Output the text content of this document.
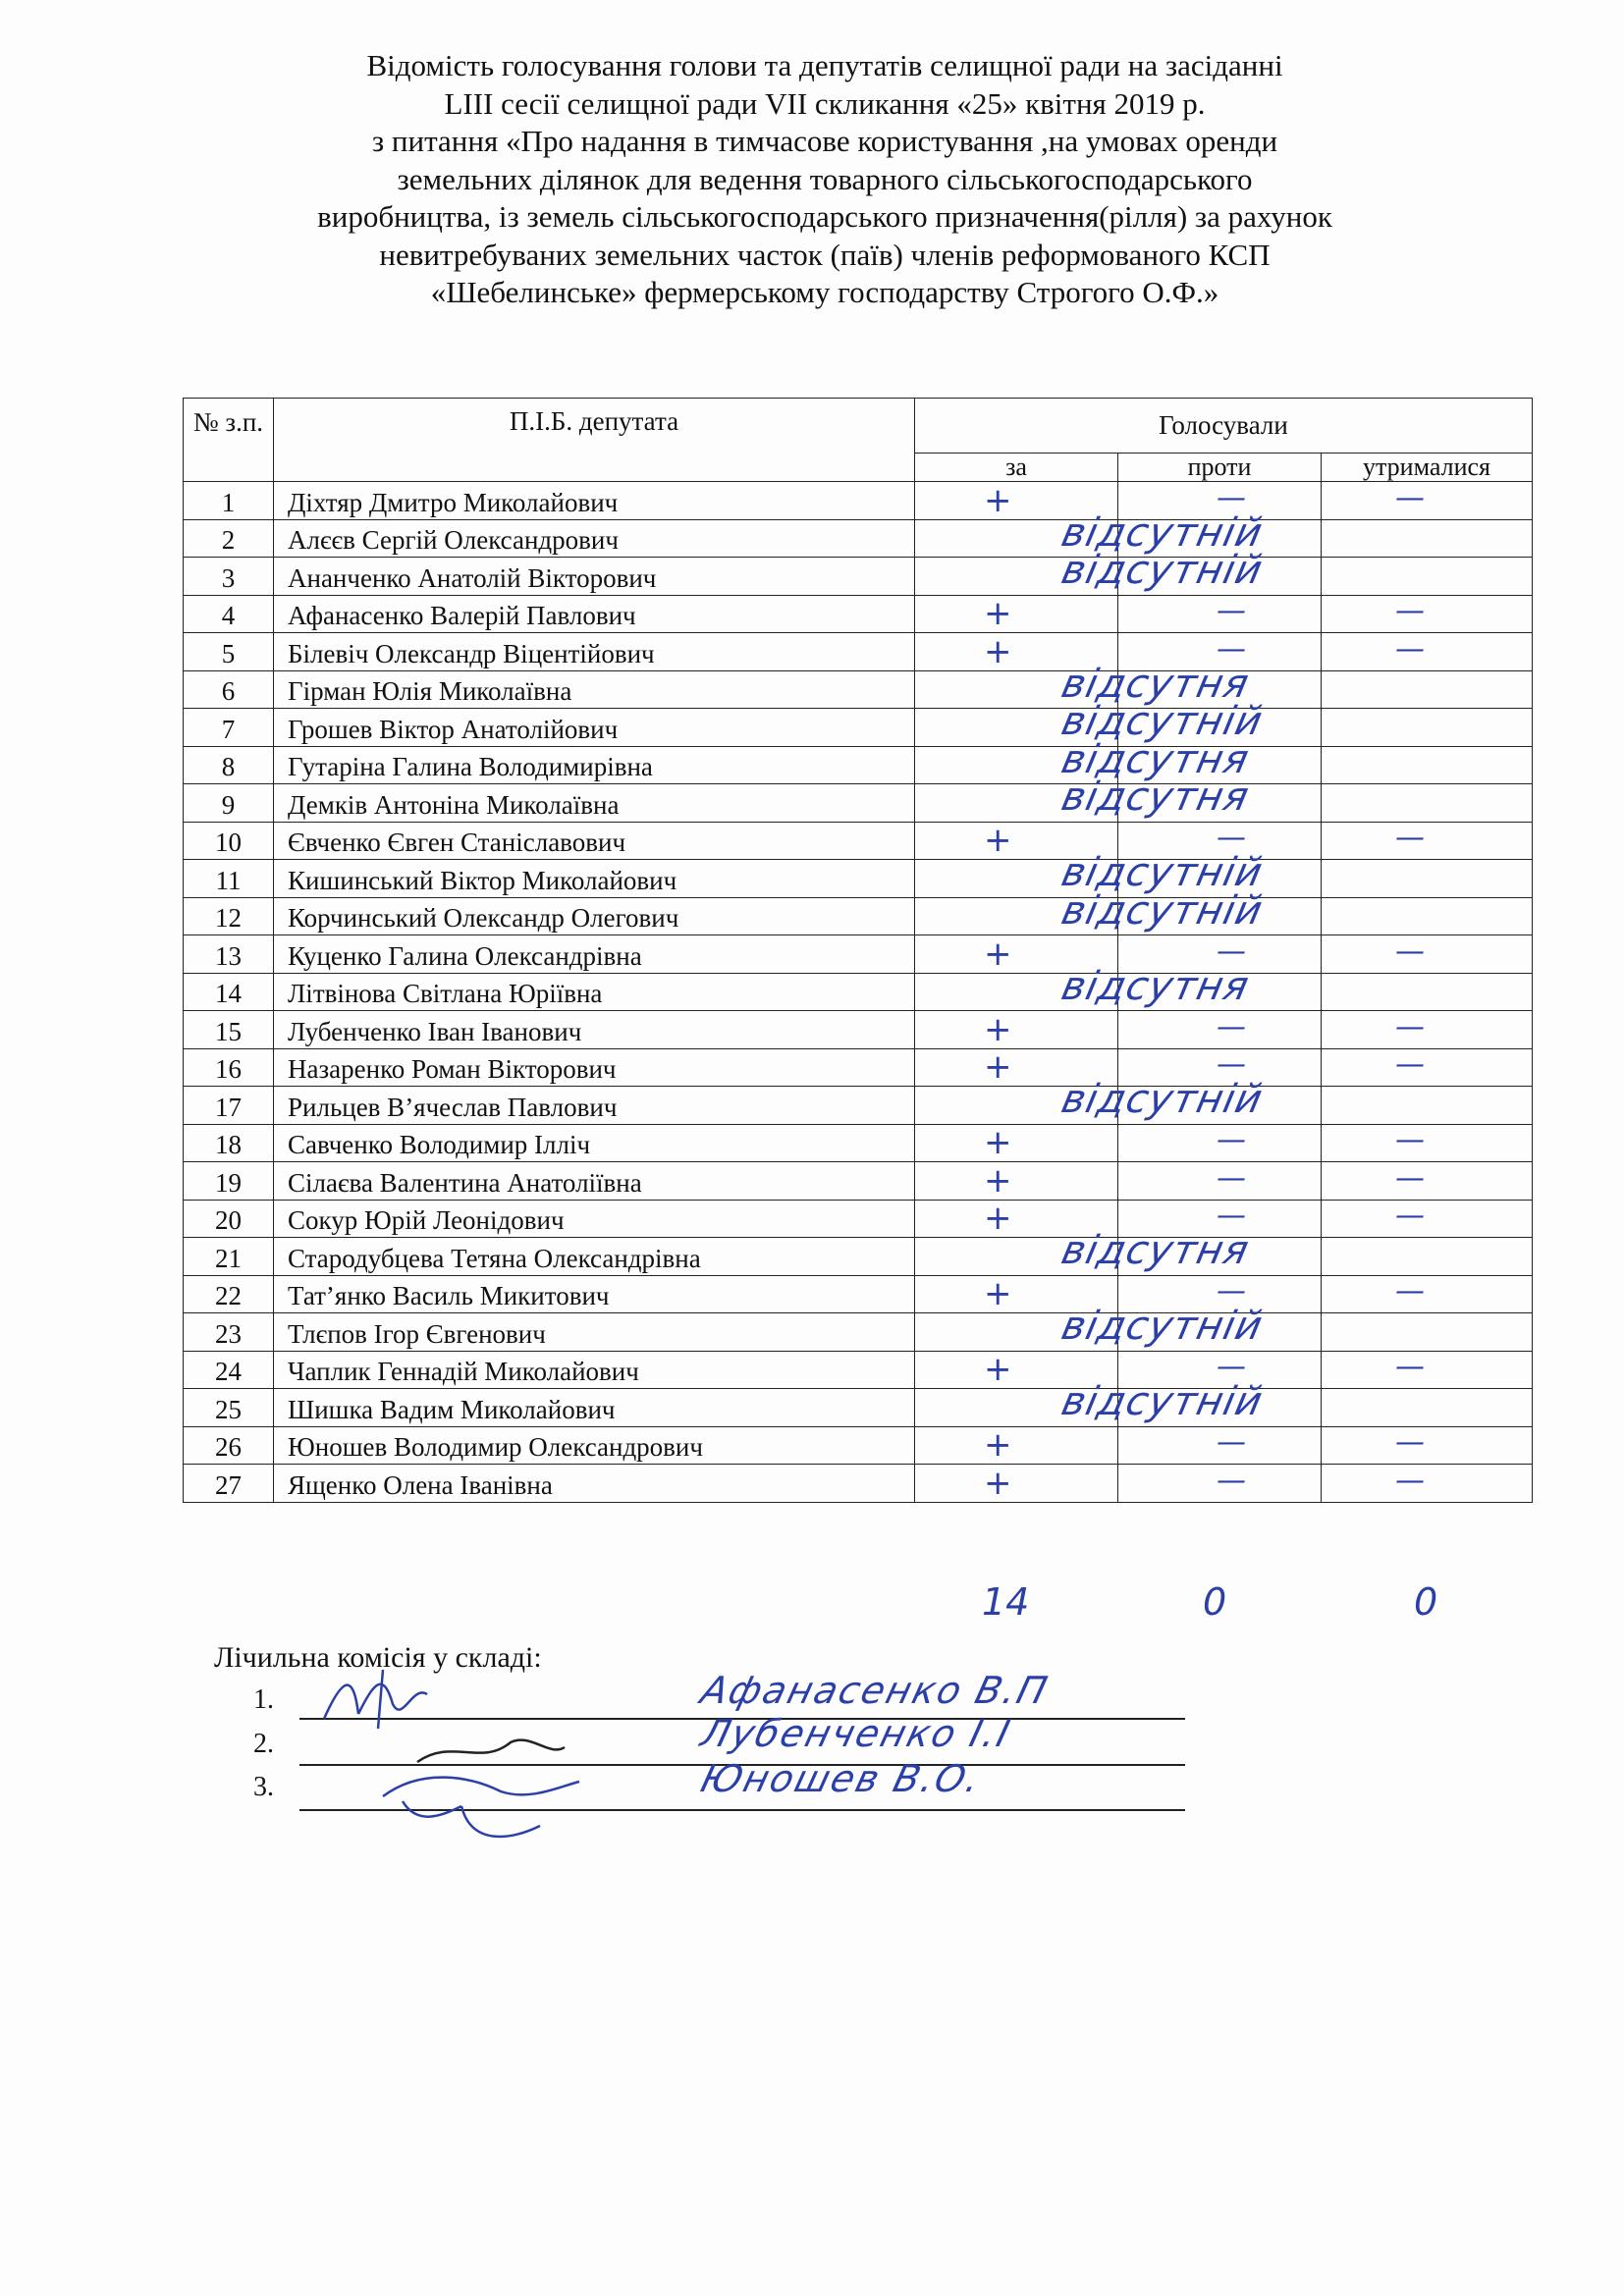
Відомість голосування голови та депутатів селищної ради на засіданні
LIII сесії селищної ради VII скликання «25» квітня 2019 р.
з питання «Про надання в тимчасове користування ,на умовах оренди
земельних ділянок для ведення товарного сільськогосподарського
виробництва, із земель сільськогосподарського призначення(рілля) за рахунок
невитребуваних земельних часток (паїв) членів реформованого КСП
«Шебелинське» фермерському господарству Строгого О.Ф.»
№ з.п.	П.І.Б. депутата	Голосували		

		за	проти	утрималися
1	Діхтяр Дмитро Миколайович	+	—	—

2	Алєєв Сергій Олександрович	відсутній		

3	Ананченко Анатолій Вікторович	відсутній		

4	Афанасенко Валерій Павлович	+	—	—

5	Білевіч Олександр Віцентійович	+	—	—

6	Гірман Юлія Миколаївна	відсутня		

7	Грошев Віктор Анатолійович	відсутній		

8	Гутаріна Галина Володимирівна	відсутня		

9	Демків Антоніна Миколаївна	відсутня		

10	Євченко Євген Станіславович	+	—	—

11	Кишинський Віктор Миколайович	відсутній		

12	Корчинський Олександр Олегович	відсутній		

13	Куценко Галина Олександрівна	+	—	—

14	Літвінова Світлана Юріївна	відсутня		

15	Лубенченко Іван Іванович	+	—	—

16	Назаренко Роман Вікторович	+	—	—

17	Рильцев В’ячеслав Павлович	відсутній		

18	Савченко Володимир Ілліч	+	—	—

19	Сілаєва Валентина Анатоліївна	+	—	—

20	Сокур Юрій Леонідович	+	—	—

21	Стародубцева Тетяна Олександрівна	відсутня		

22	Тат’янко Василь Микитович	+	—	—

23	Тлєпов Ігор Євгенович	відсутній		

24	Чаплик Геннадій Миколайович	+	—	—

25	Шишка Вадим Миколайович	відсутній		

26	Юношев Володимир Олександрович	+	—	—

27	Ященко Олена Іванівна	+	—	—
14	0	0
Лічильна комісія у складі:
1.	Афанасенко В.П
2.	Лубенченко І.І
3.	Юношев В.О.
